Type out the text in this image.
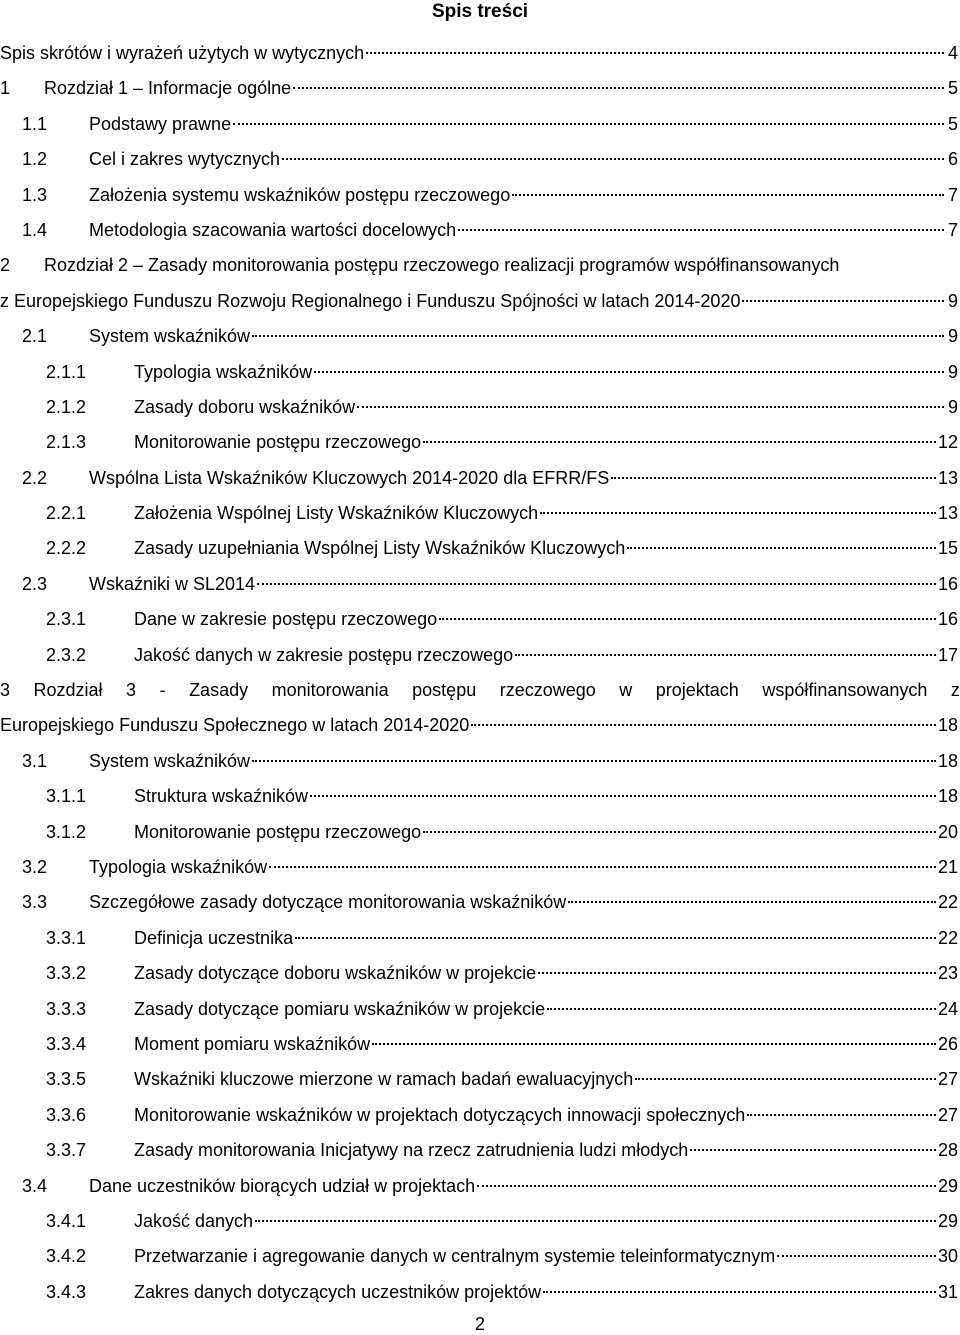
Spis treści
Spis skrótów i wyrażeń użytych w wytycznych	4
1	Rozdział 1 – Informacje ogólne	5
1.1	Podstawy prawne	5
1.2	Cel i zakres wytycznych	6
1.3	Założenia systemu wskaźników postępu rzeczowego	7
1.4	Metodologia szacowania wartości docelowych	7
2	Rozdział 2 – Zasady monitorowania postępu rzeczowego realizacji programów współfinansowanych
z Europejskiego Funduszu Rozwoju Regionalnego i Funduszu Spójności w latach 2014-2020	9
2.1	System wskaźników	9
2.1.1	Typologia wskaźników	9
2.1.2	Zasady doboru wskaźników	9
2.1.3	Monitorowanie postępu rzeczowego	12
2.2	Wspólna Lista Wskaźników Kluczowych 2014-2020 dla EFRR/FS	13
2.2.1	Założenia Wspólnej Listy Wskaźników Kluczowych	13
2.2.2	Zasady uzupełniania Wspólnej Listy Wskaźników Kluczowych	15
2.3	Wskaźniki w SL2014	16
2.3.1	Dane w zakresie postępu rzeczowego	16
2.3.2	Jakość danych w zakresie postępu rzeczowego	17
3 Rozdział 3 - Zasady monitorowania postępu rzeczowego w projektach współfinansowanych z
Europejskiego Funduszu Społecznego w latach 2014-2020	18
3.1	System wskaźników	18
3.1.1	Struktura wskaźników	18
3.1.2	Monitorowanie postępu rzeczowego	20
3.2	Typologia wskaźników	21
3.3	Szczegółowe zasady dotyczące monitorowania wskaźników	22
3.3.1	Definicja uczestnika	22
3.3.2	Zasady dotyczące doboru wskaźników w projekcie	23
3.3.3	Zasady dotyczące pomiaru wskaźników w projekcie	24
3.3.4	Moment pomiaru wskaźników	26
3.3.5	Wskaźniki kluczowe mierzone w ramach badań ewaluacyjnych	27
3.3.6	Monitorowanie wskaźników w projektach dotyczących innowacji społecznych	27
3.3.7	Zasady monitorowania Inicjatywy na rzecz zatrudnienia ludzi młodych	28
3.4	Dane uczestników biorących udział w projektach	29
3.4.1	Jakość danych	29
3.4.2	Przetwarzanie i agregowanie danych w centralnym systemie teleinformatycznym	30
3.4.3	Zakres danych dotyczących uczestników projektów	31
2
